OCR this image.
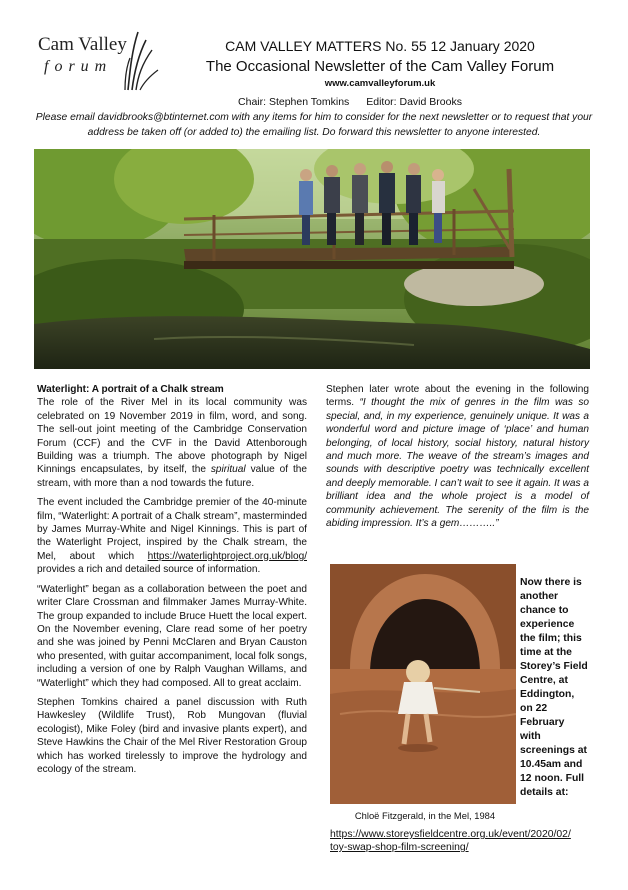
Cam Valley
forum
CAM VALLEY MATTERS No. 55 12 January 2020
The Occasional Newsletter of the Cam Valley Forum
www.camvalleyforum.uk
Chair: Stephen Tomkins Editor: David Brooks
Please email davidbrooks@btinternet.com with any items for him to consider for the next newsletter or to request that your address be taken off (or added to) the emailing list. Do forward this newsletter to anyone interested.

Waterlight: A portrait of a Chalk stream

The role of the River Mel in its local community was celebrated on 19 November 2019 in film, word, and song. The sell-out joint meeting of the Cambridge Conservation Forum (CCF) and the CVF in the David Attenborough Building was a triumph. The above photograph by Nigel Kinnings encapsulates, by itself, the spiritual value of the stream, with more than a nod towards the future.

The event included the Cambridge premier of the 40-minute film, “Waterlight: A portrait of a Chalk stream”, masterminded by James Murray-White and Nigel Kinnings. This is part of the Waterlight Project, inspired by the Chalk stream, the Mel, about which https://waterlightproject.org.uk/blog/ provides a rich and detailed source of information.

“Waterlight” began as a collaboration between the poet and writer Clare Crossman and filmmaker James Murray-White. The group expanded to include Bruce Huett the local expert. On the November evening, Clare read some of her poetry and she was joined by Penni McClaren and Bryan Causton who presented, with guitar accompaniment, local folk songs, including a version of one by Ralph Vaughan Willams, and “Waterlight” which they had composed. All to great acclaim.

Stephen Tomkins chaired a panel discussion with Ruth Hawkesley (Wildlife Trust), Rob Mungovan (fluvial ecologist), Mike Foley (bird and invasive plants expert), and Steve Hawkins the Chair of the Mel River Restoration Group which has worked tirelessly to improve the hydrology and ecology of the stream.

Stephen later wrote about the evening in the following terms. “I thought the mix of genres in the film was so special, and, in my experience, genuinely unique. It was a wonderful word and picture image of ‘place’ and human belonging, of local history, social history, natural history and much more. The weave of the stream’s images and sounds with descriptive poetry was technically excellent and deeply memorable. I can’t wait to see it again. It was a brilliant idea and the whole project is a model of community achievement. The serenity of the film is the abiding impression. It’s a gem………..”

Chloë Fitzgerald, in the Mel, 1984
Now there is
another
chance to
experience
the film; this
time at the
Storey’s Field
Centre, at
Eddington,
on 22
February
with
screenings at
10.45am and
12 noon. Full
details at:
https://www.storeysfieldcentre.org.uk/event/2020/02/
toy-swap-shop-film-screening/
